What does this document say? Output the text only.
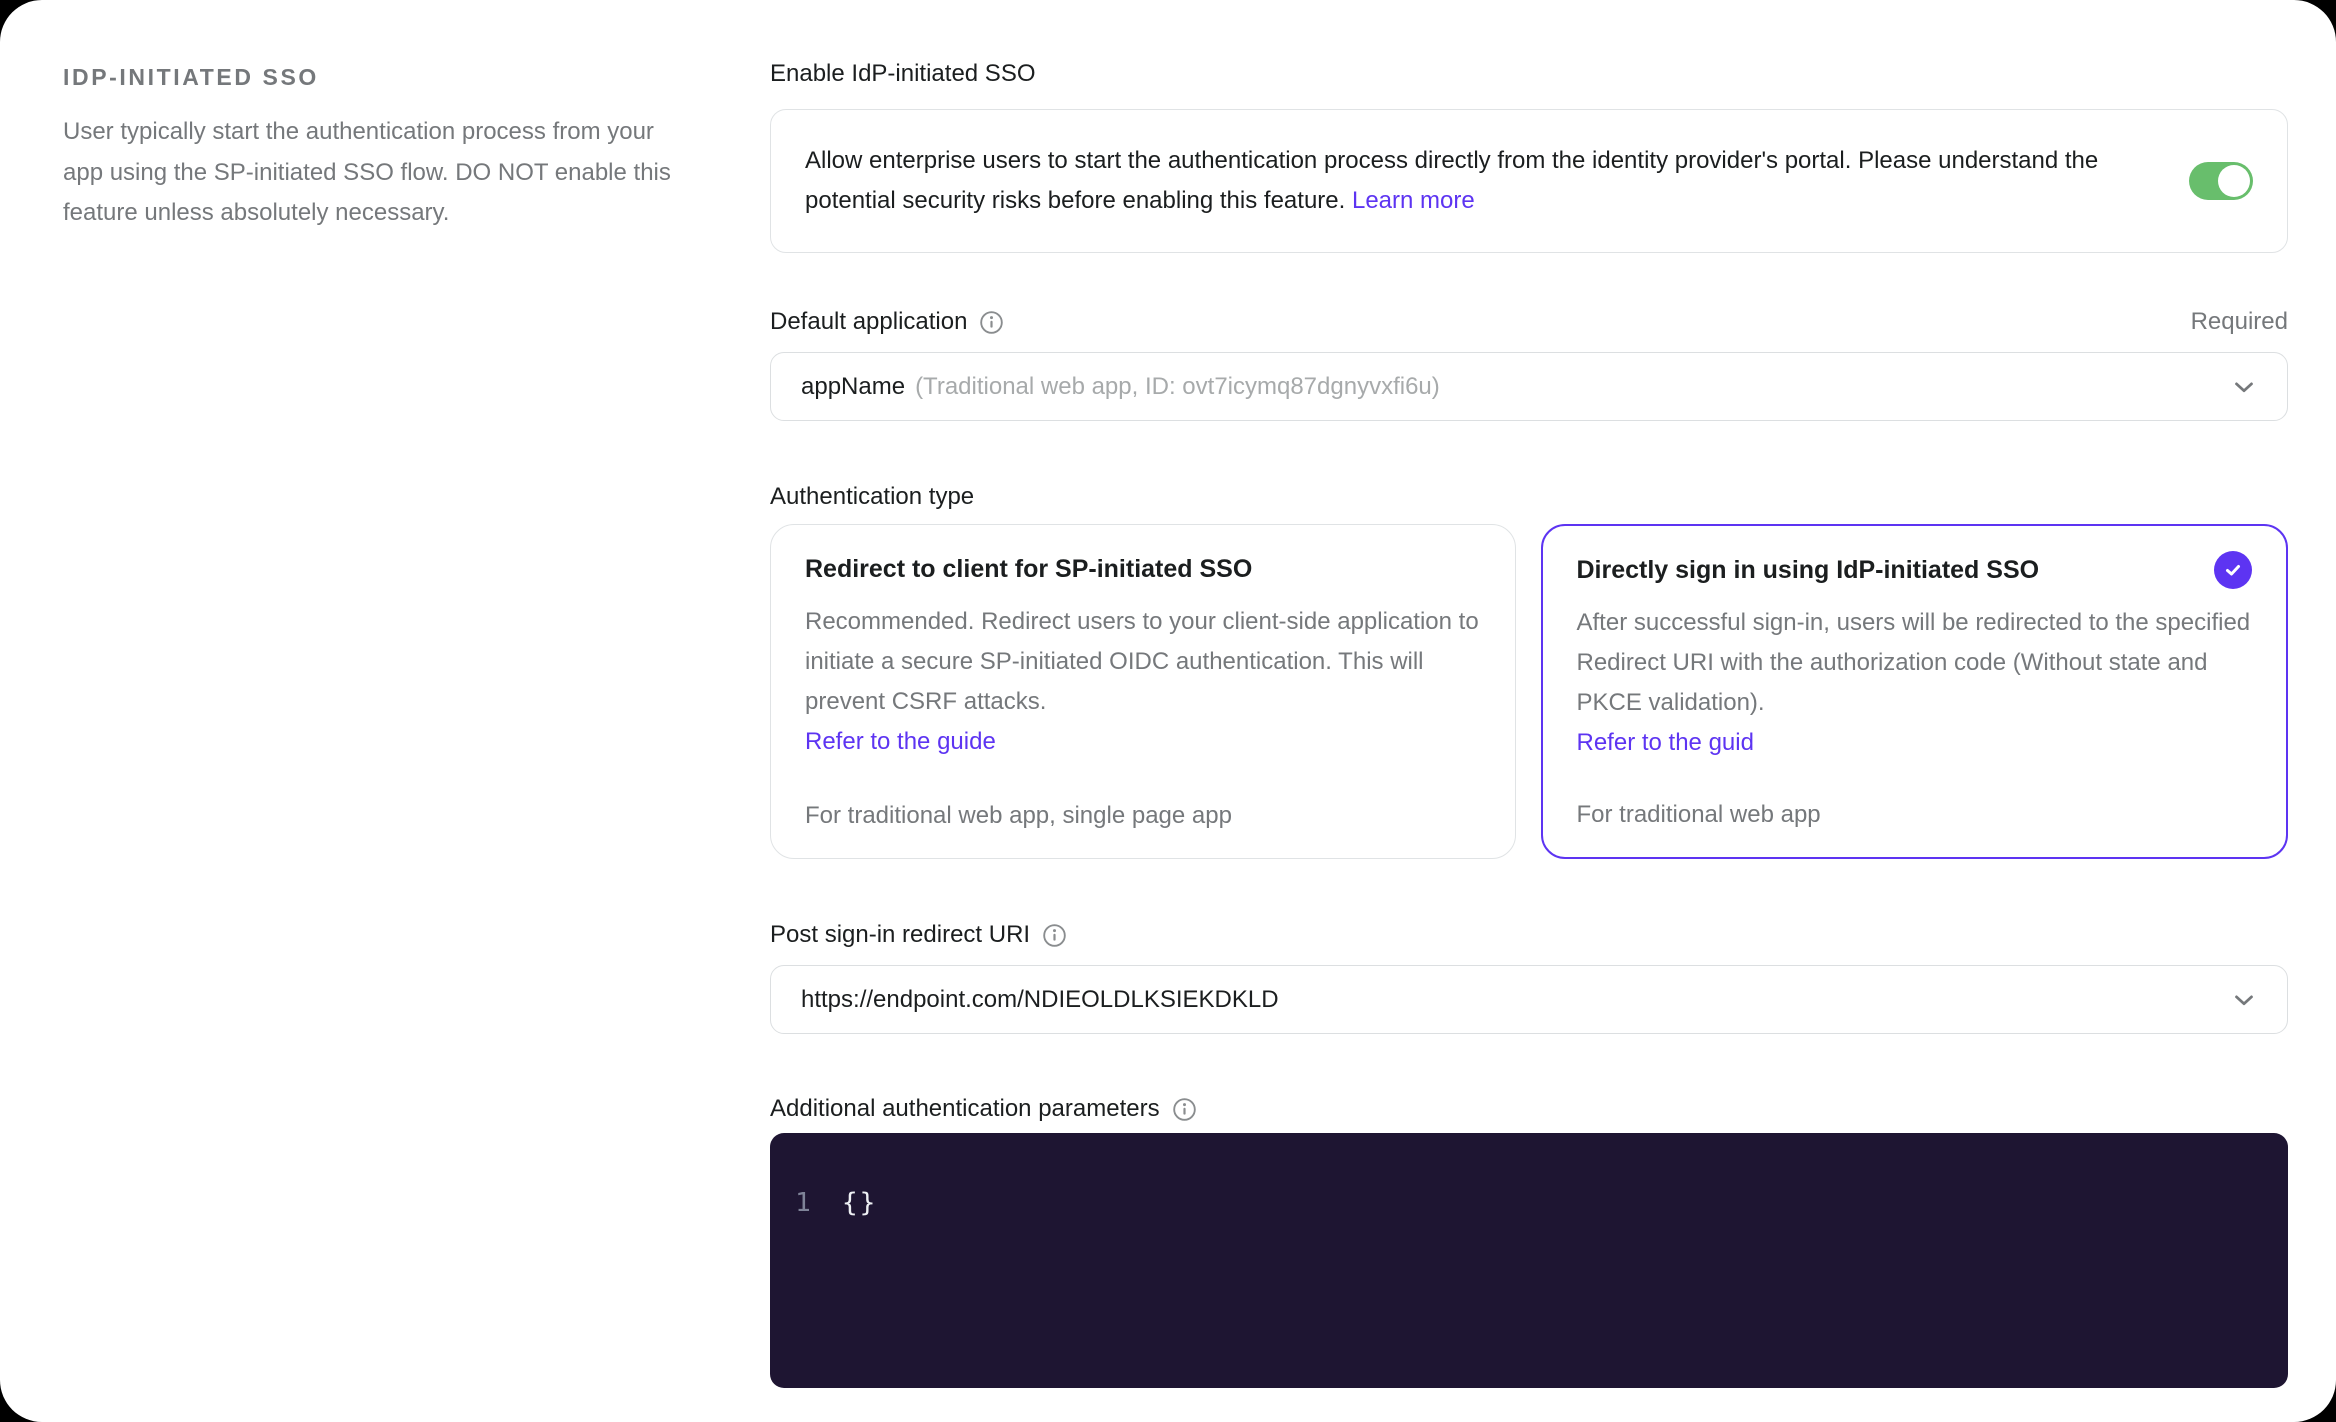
IDP-INITIATED SSO
User typically start the authentication process from your app using the SP-initiated SSO flow. DO NOT enable this feature unless absolutely necessary.
Enable IdP-initiated SSO
Allow enterprise users to start the authentication process directly from the identity provider's portal. Please understand the potential security risks before enabling this feature. Learn more
Default application	Required
appName (Traditional web app, ID: ovt7icymq87dgnyvxfi6u)
Authentication type
Redirect to client for SP-initiated SSO
Recommended. Redirect users to your client-side application to initiate a secure SP-initiated OIDC authentication. This will prevent CSRF attacks.
Refer to the guide
For traditional web app, single page app
Directly sign in using IdP-initiated SSO
After successful sign-in, users will be redirected to the specified Redirect URI with the authorization code (Without state and PKCE validation).
Refer to the guid
For traditional web app
Post sign-in redirect URI
https://endpoint.com/NDIEOLDLKSIEKDKLD
Additional authentication parameters
1	{}
